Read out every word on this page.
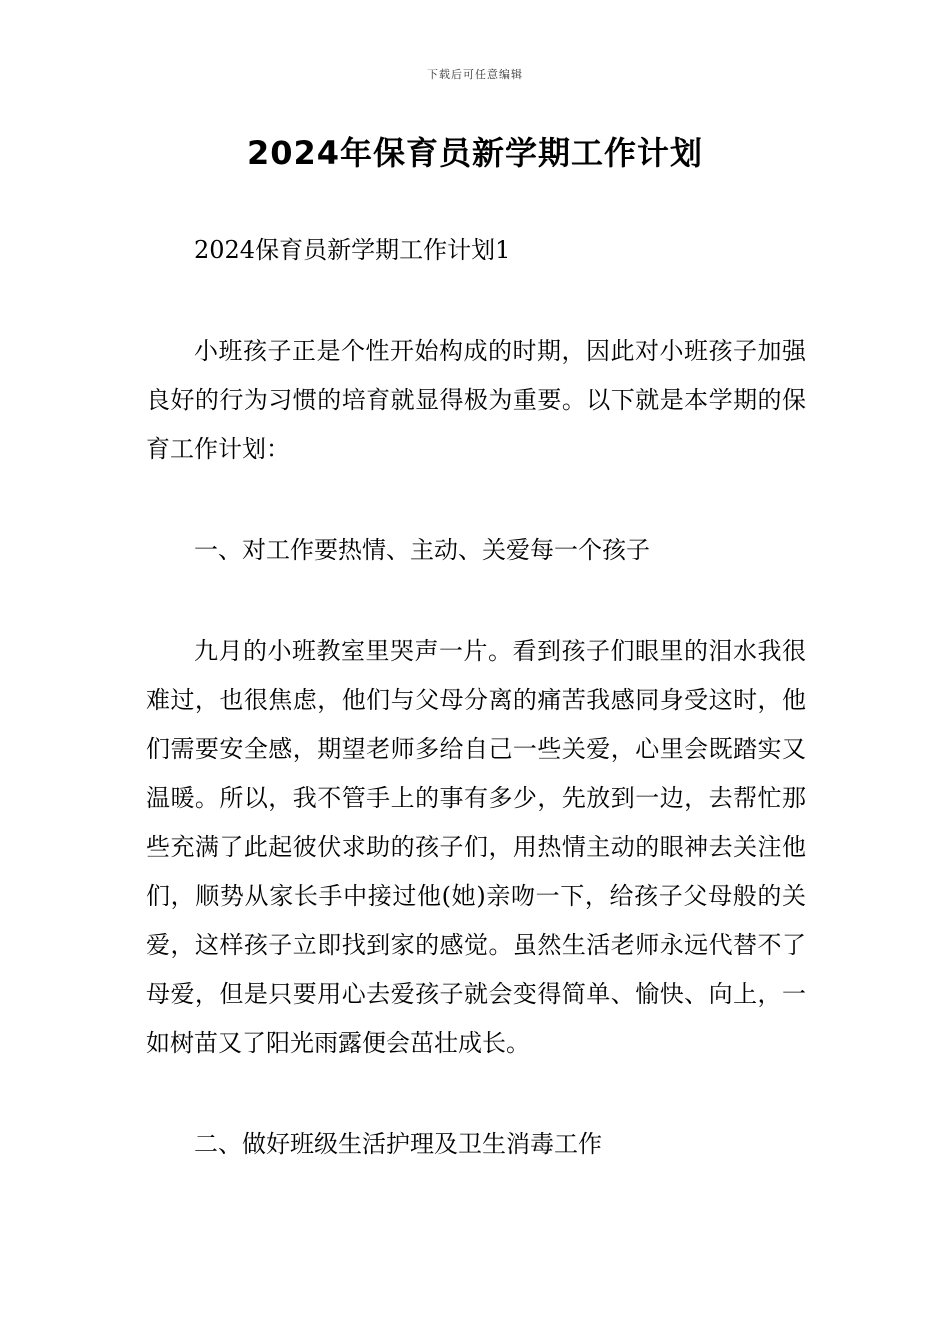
下载后可任意编辑
2024年保育员新学期工作计划

2024保育员新学期工作计划1

小班孩子正是个性开始构成的时期，因此对小班孩子加强良好的行为习惯的培育就显得极为重要。以下就是本学期的保育工作计划：

一、对工作要热情、主动、关爱每一个孩子

九月的小班教室里哭声一片。看到孩子们眼里的泪水我很难过，也很焦虑，他们与父母分离的痛苦我感同身受这时，他们需要安全感，期望老师多给自己一些关爱，心里会既踏实又温暖。所以，我不管手上的事有多少，先放到一边，去帮忙那些充满了此起彼伏求助的孩子们，用热情主动的眼神去关注他们，顺势从家长手中接过他(她)亲吻一下，给孩子父母般的关爱，这样孩子立即找到家的感觉。虽然生活老师永远代替不了母爱，但是只要用心去爱孩子就会变得简单、愉快、向上，一如树苗又了阳光雨露便会茁壮成长。

二、做好班级生活护理及卫生消毒工作
